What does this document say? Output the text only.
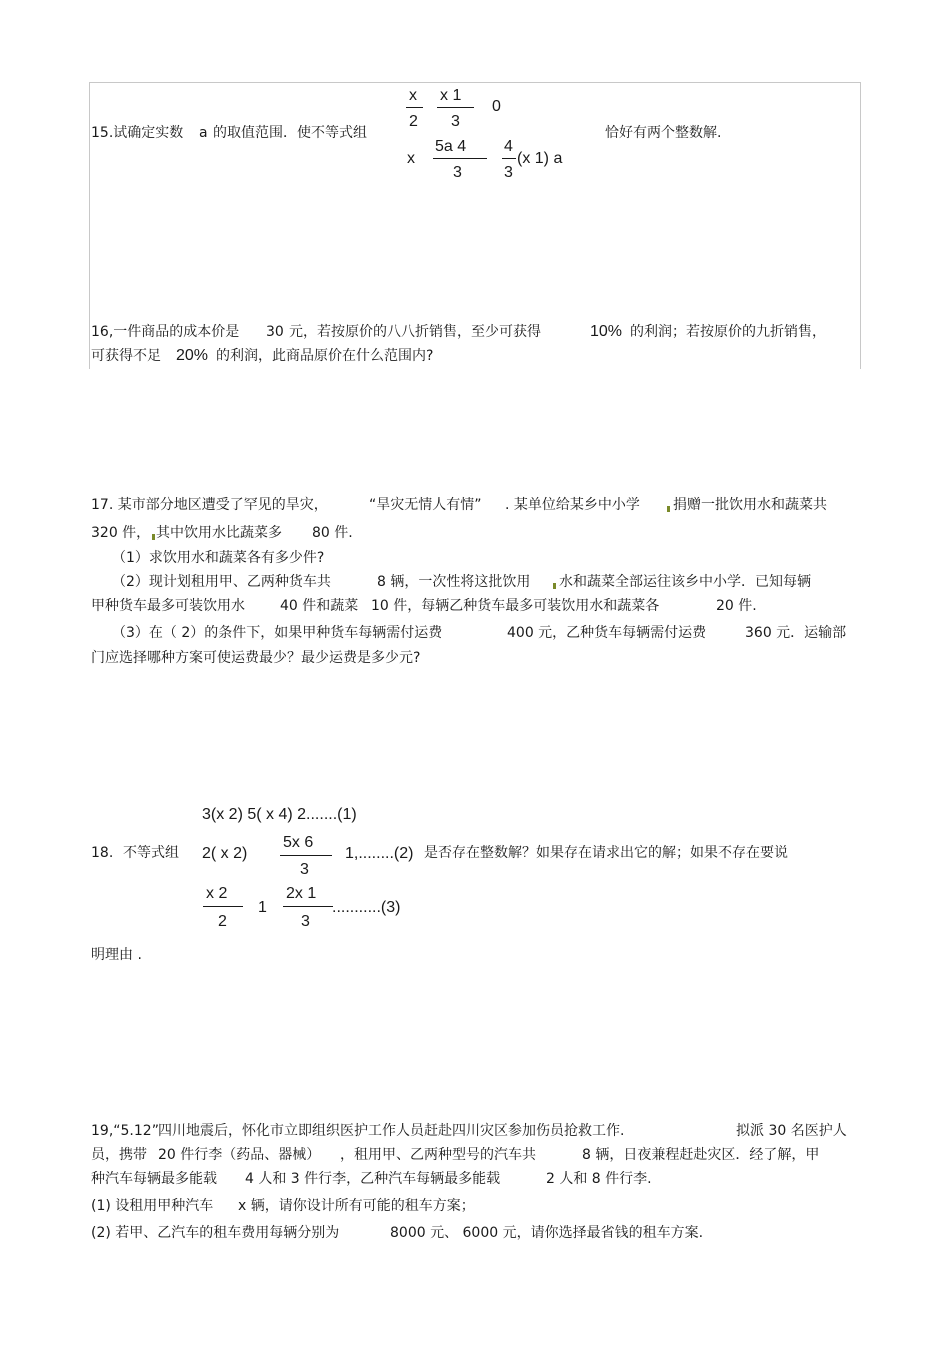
15.试确定实数 a 的取值范围．使不等式组
x
2
x 1
3
0
x
5a 4
3
4
3
(x 1) a
恰好有两个整数解.
16,一件商品的成本价是 30 元，若按原价的八八折销售，至少可获得	10% 的利润；若按原价的九折销售，
可获得不足 20% 的利润，此商品原价在什么范围内?
17. 某市部分地区遭受了罕见的旱灾，	“旱灾无情人有情” . 某单位给某乡中小学 捐赠一批饮用水和蔬菜共
320 件， 其中饮用水比蔬菜多 80 件.
（1）求饮用水和蔬菜各有多少件?
（2）现计划租用甲、乙两种货车共	8 辆，一次性将这批饮用 水和蔬菜全部运往该乡中小学．已知每辆
甲种货车最多可装饮用水	40 件和蔬菜 10 件，每辆乙种货车最多可装饮用水和蔬菜各	20 件.
（3）在（ 2）的条件下，如果甲种货车每辆需付运费	400 元，乙种货车每辆需付运费	360 元．运输部
门应选择哪种方案可使运费最少？最少运费是多少元?
3(x 2) 5( x 4) 2.......(1)
18. 不等式组 2( x 2)
5x 6
3
1,........(2) 是否存在整数解？如果存在请求出它的解；如果不存在要说
x 2
2
1
2x 1
3
...........(3)
明理由 .
19,“5.12” 四川地震后，怀化市立即组织医护工作人员赶赴四川灾区参加伤员抢救工作.	拟派 30 名医护人
员，携带 20 件行李（药品、器械） ，租用甲、乙两种型号的汽车共	8 辆，日夜兼程赶赴灾区．经了解，甲
种汽车每辆最多能载 4 人和 3 件行李，乙种汽车每辆最多能载	2 人和 8 件行李.
(1) 设租用甲种汽车 x 辆，请你设计所有可能的租车方案；
(2) 若甲、乙汽车的租车费用每辆分别为	8000 元、 6000 元，请你选择最省钱的租车方案.
